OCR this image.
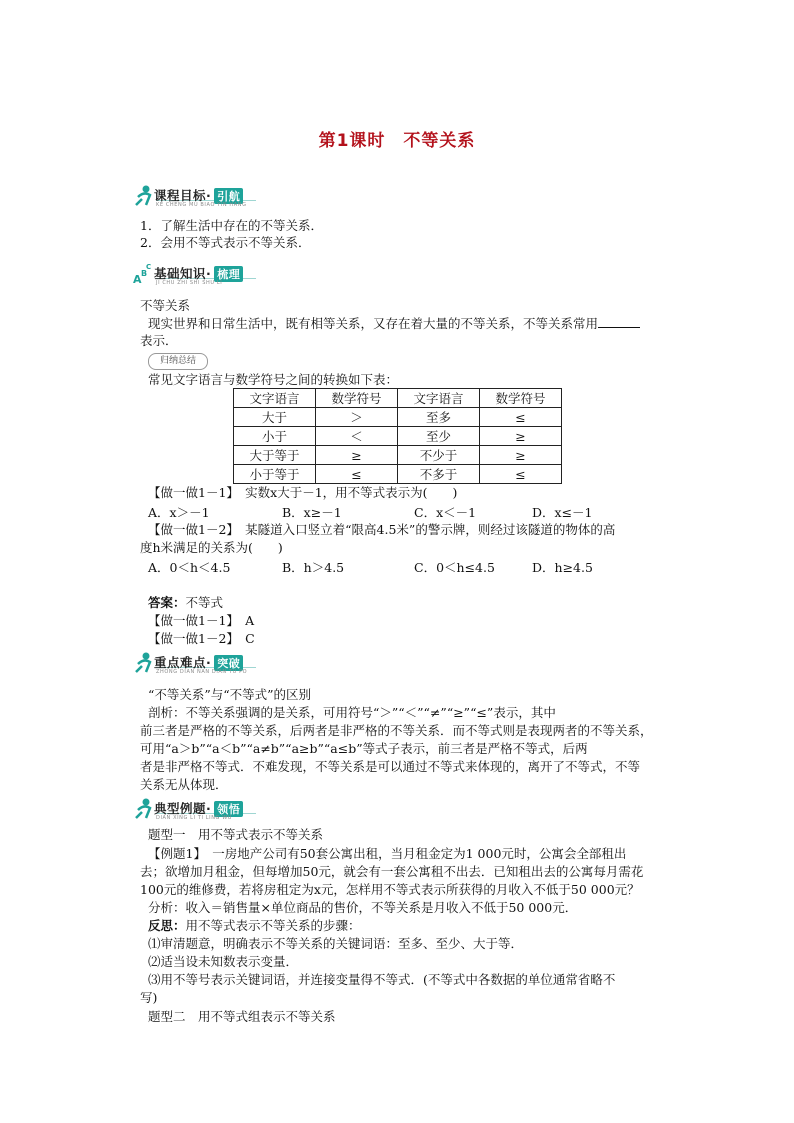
第1课时　不等关系
课程目标· 引航
KE CHENG MU BIAO YIN HANG
1．了解生活中存在的不等关系．
2．会用不等式表示不等关系．
A B
C 基础知识· 梳理
JI CHU ZHI SHI SHU LI
不等关系
现实世界和日常生活中，既有相等关系，又存在着大量的不等关系，不等关系常用
表示．
归纳总结
常见文字语言与数学符号之间的转换如下表：
文字语言	数学符号	文字语言	数学符号
大于	＞	至多	≤
小于	＜	至少	≥
大于等于	≥	不少于	≥
小于等于	≤	不多于	≤
【做一做1－1】　实数x大于－1，用不等式表示为(　　)
A．x＞－1	B．x≥－1	C．x＜－1	D．x≤－1
【做一做1－2】　某隧道入口竖立着“限高4.5米”的警示牌，则经过该隧道的物体的高
度h米满足的关系为(　　)
A．0＜h＜4.5	B．h＞4.5	C．0＜h≤4.5	D．h≥4.5
答案：不等式
【做一做1－1】　A
【做一做1－2】　C
重点难点· 突破
ZHONG DIAN NAN DIAN TU PO
“不等关系”与“不等式”的区别
剖析：不等关系强调的是关系，可用符号“＞”“＜”“≠”“≥”“≤”表示，其中
前三者是严格的不等关系，后两者是非严格的不等关系．而不等式则是表现两者的不等关系，
可用“a＞b”“a＜b”“a≠b”“a≥b”“a≤b”等式子表示，前三者是严格不等式，后两
者是非严格不等式．不难发现，不等关系是可以通过不等式来体现的，离开了不等式，不等
关系无从体现．
典型例题· 领悟
DIAN XING LI TI LING WU
题型一　用不等式表示不等关系
【例题1】　一房地产公司有50套公寓出租，当月租金定为1 000元时，公寓会全部租出
去；欲增加月租金，但每增加50元，就会有一套公寓租不出去．已知租出去的公寓每月需花
100元的维修费，若将房租定为x元，怎样用不等式表示所获得的月收入不低于50 000元？
分析：收入＝销售量×单位商品的售价，不等关系是月收入不低于50 000元．
反思：用不等式表示不等关系的步骤：
⑴审清题意，明确表示不等关系的关键词语：至多、至少、大于等．
⑵适当设未知数表示变量．
⑶用不等号表示关键词语，并连接变量得不等式．(不等式中各数据的单位通常省略不
写)
题型二　用不等式组表示不等关系
